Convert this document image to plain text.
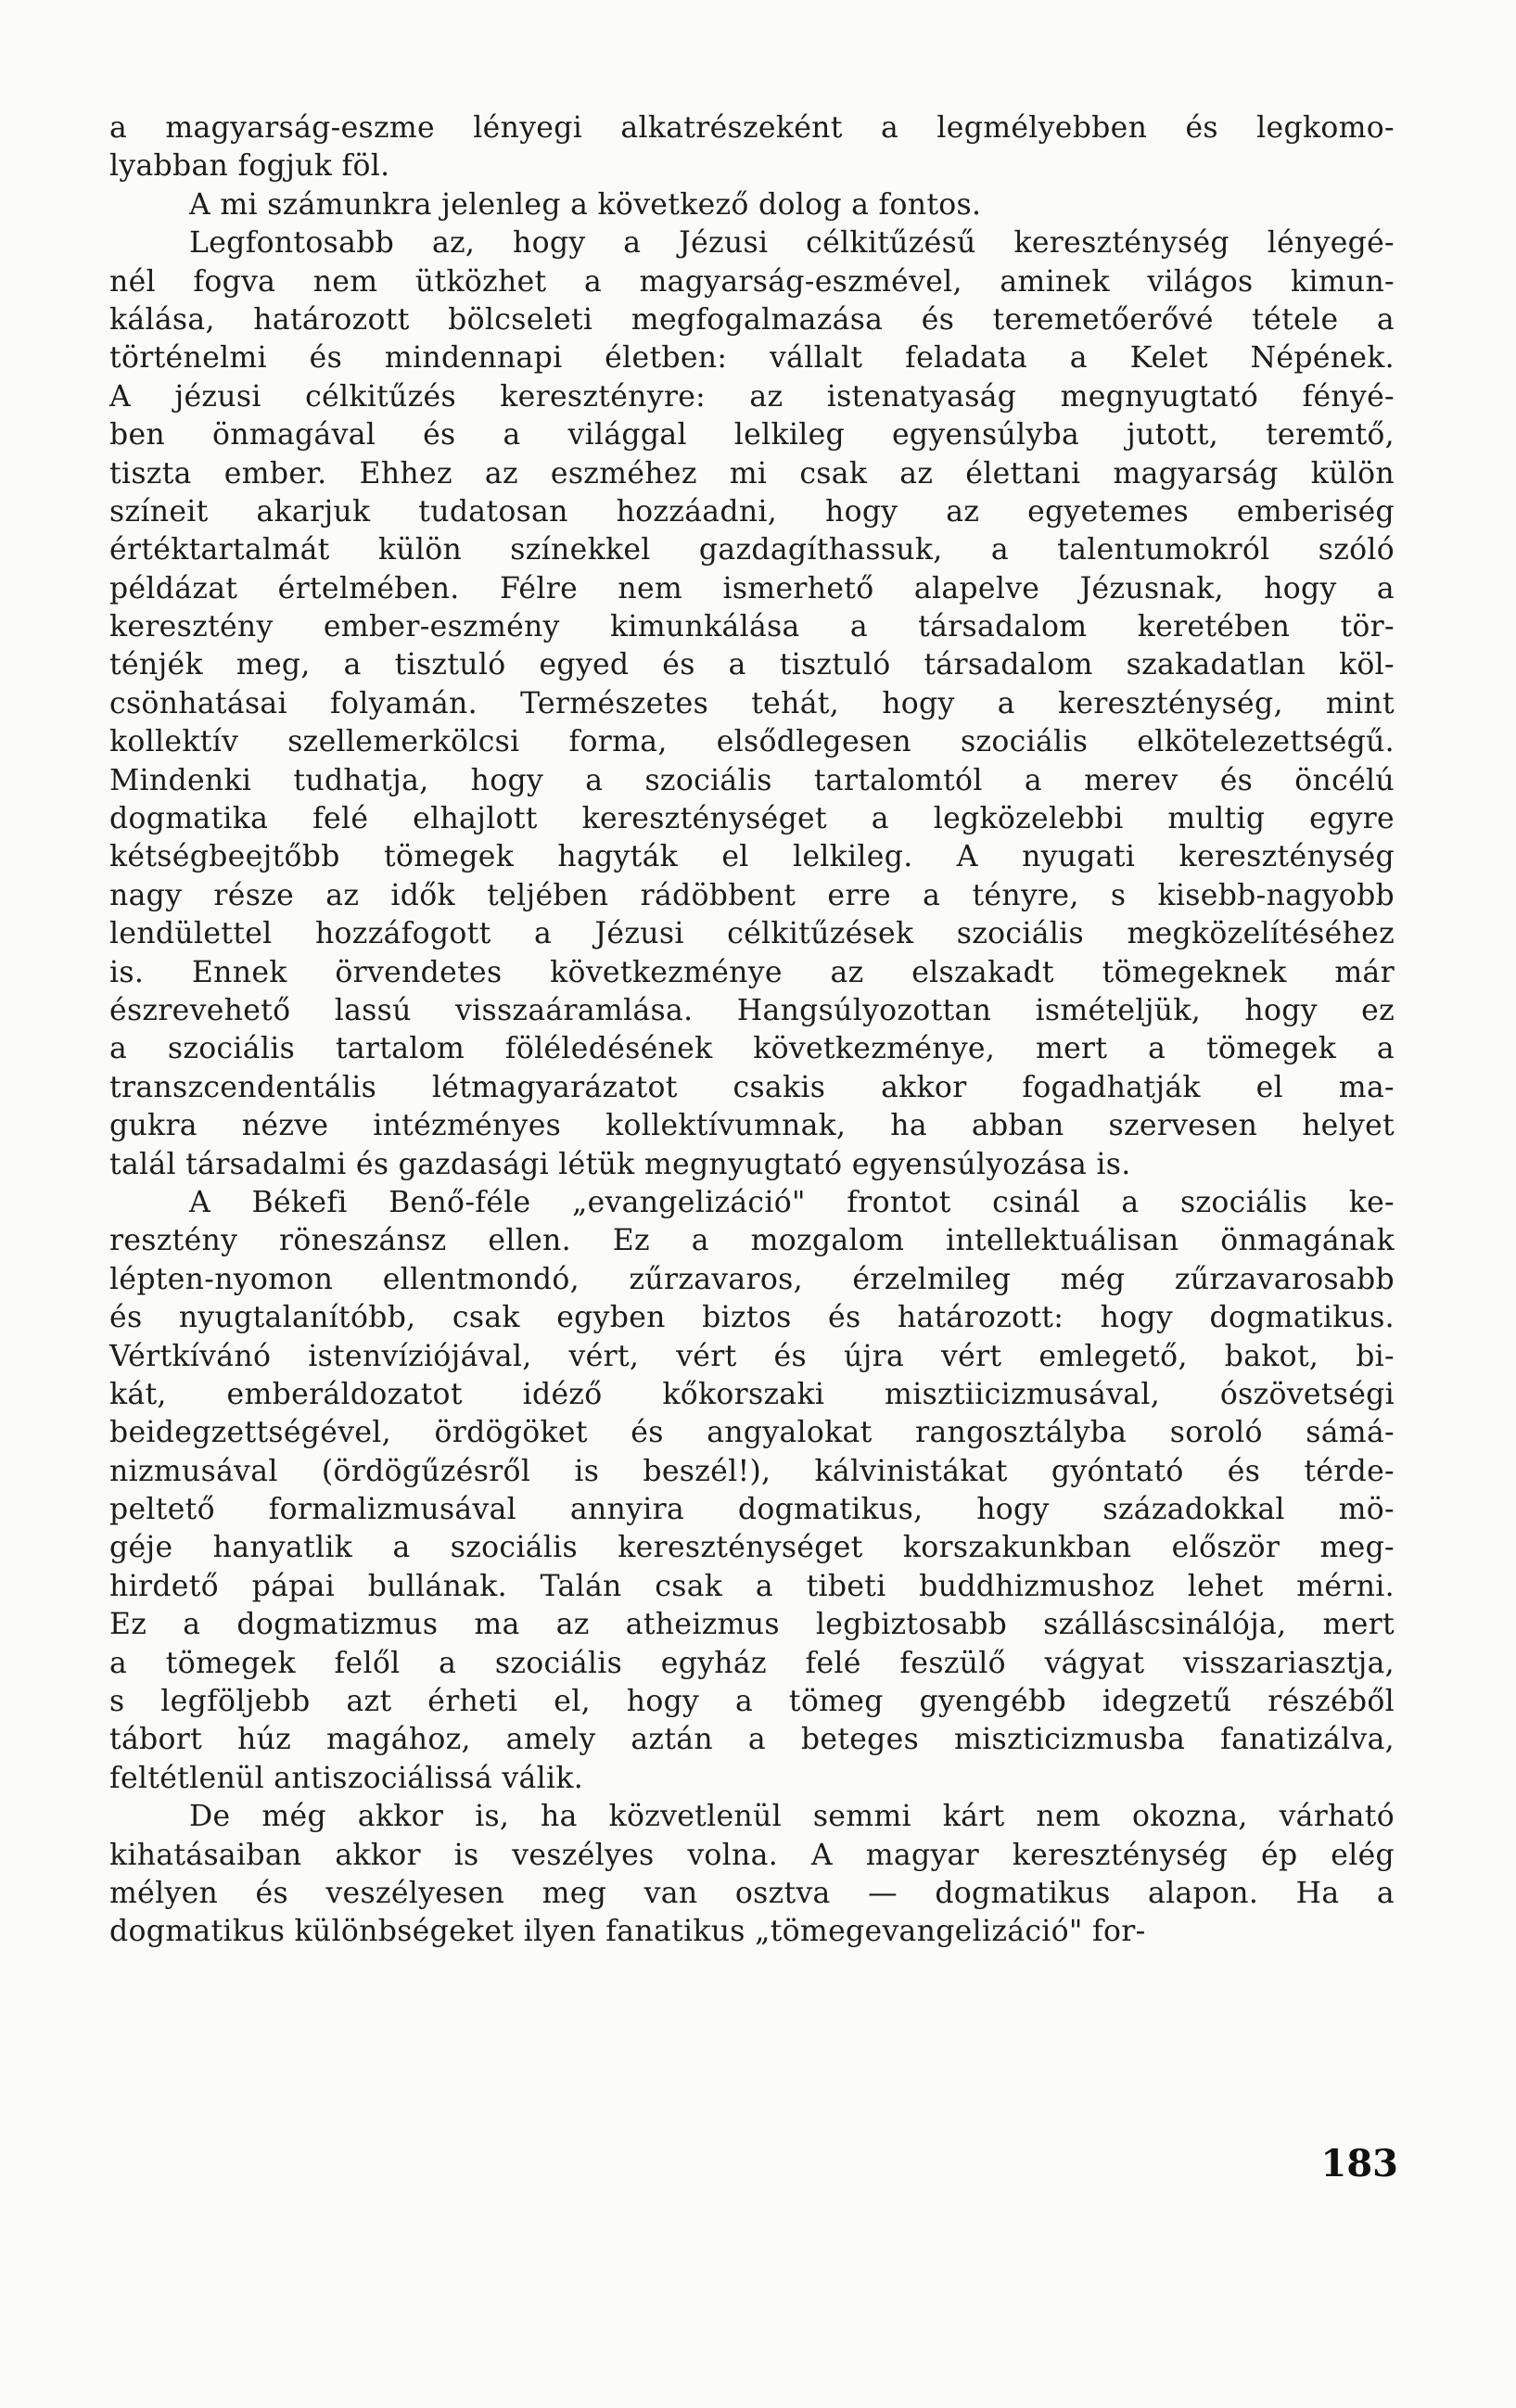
a magyarság-eszme lényegi alkatrészeként a legmélyebben és legkomo-
lyabban fogjuk föl.
A mi számunkra jelenleg a következő dolog a fontos.
Legfontosabb az, hogy a Jézusi célkitűzésű kereszténység lényegé-
nél fogva nem ütközhet a magyarság-eszmével, aminek világos kimun-
kálása, határozott bölcseleti megfogalmazása és teremetőerővé tétele a
történelmi és mindennapi életben: vállalt feladata a Kelet Népének.
A jézusi célkitűzés keresztényre: az istenatyaság megnyugtató fényé-
ben önmagával és a világgal lelkileg egyensúlyba jutott, teremtő,
tiszta ember. Ehhez az eszméhez mi csak az élettani magyarság külön
színeit akarjuk tudatosan hozzáadni, hogy az egyetemes emberiség
értéktartalmát külön színekkel gazdagíthassuk, a talentumokról szóló
példázat értelmében. Félre nem ismerhető alapelve Jézusnak, hogy a
keresztény ember-eszmény kimunkálása a társadalom keretében tör-
ténjék meg, a tisztuló egyed és a tisztuló társadalom szakadatlan köl-
csönhatásai folyamán. Természetes tehát, hogy a kereszténység, mint
kollektív szellemerkölcsi forma, elsődlegesen szociális elkötelezettségű.
Mindenki tudhatja, hogy a szociális tartalomtól a merev és öncélú
dogmatika felé elhajlott kereszténységet a legközelebbi multig egyre
kétségbeejtőbb tömegek hagyták el lelkileg. A nyugati kereszténység
nagy része az idők teljében rádöbbent erre a tényre, s kisebb-nagyobb
lendülettel hozzáfogott a Jézusi célkitűzések szociális megközelítéséhez
is. Ennek örvendetes következménye az elszakadt tömegeknek már
észrevehető lassú visszaáramlása. Hangsúlyozottan ismételjük, hogy ez
a szociális tartalom föléledésének következménye, mert a tömegek a
transzcendentális létmagyarázatot csakis akkor fogadhatják el ma-
gukra nézve intézményes kollektívumnak, ha abban szervesen helyet
talál társadalmi és gazdasági létük megnyugtató egyensúlyozása is.
A Békefi Benő-féle „evangelizáció" frontot csinál a szociális ke-
resztény röneszánsz ellen. Ez a mozgalom intellektuálisan önmagának
lépten-nyomon ellentmondó, zűrzavaros, érzelmileg még zűrzavarosabb
és nyugtalanítóbb, csak egyben biztos és határozott: hogy dogmatikus.
Vértkívánó istenvíziójával, vért, vért és újra vért emlegető, bakot, bi-
kát, emberáldozatot idéző kőkorszaki misztiicizmusával, ószövetségi
beidegzettségével, ördögöket és angyalokat rangosztályba soroló sámá-
nizmusával (ördögűzésről is beszél!), kálvinistákat gyóntató és térde-
peltető formalizmusával annyira dogmatikus, hogy századokkal mö-
géje hanyatlik a szociális kereszténységet korszakunkban először meg-
hirdető pápai bullának. Talán csak a tibeti buddhizmushoz lehet mérni.
Ez a dogmatizmus ma az atheizmus legbiztosabb szálláscsinálója, mert
a tömegek felől a szociális egyház felé feszülő vágyat visszariasztja,
s legföljebb azt érheti el, hogy a tömeg gyengébb idegzetű részéből
tábort húz magához, amely aztán a beteges miszticizmusba fanatizálva,
feltétlenül antiszociálissá válik.
De még akkor is, ha közvetlenül semmi kárt nem okozna, várható
kihatásaiban akkor is veszélyes volna. A magyar kereszténység ép elég
mélyen és veszélyesen meg van osztva — dogmatikus alapon. Ha a
dogmatikus különbségeket ilyen fanatikus „tömegevangelizáció" for-
183
